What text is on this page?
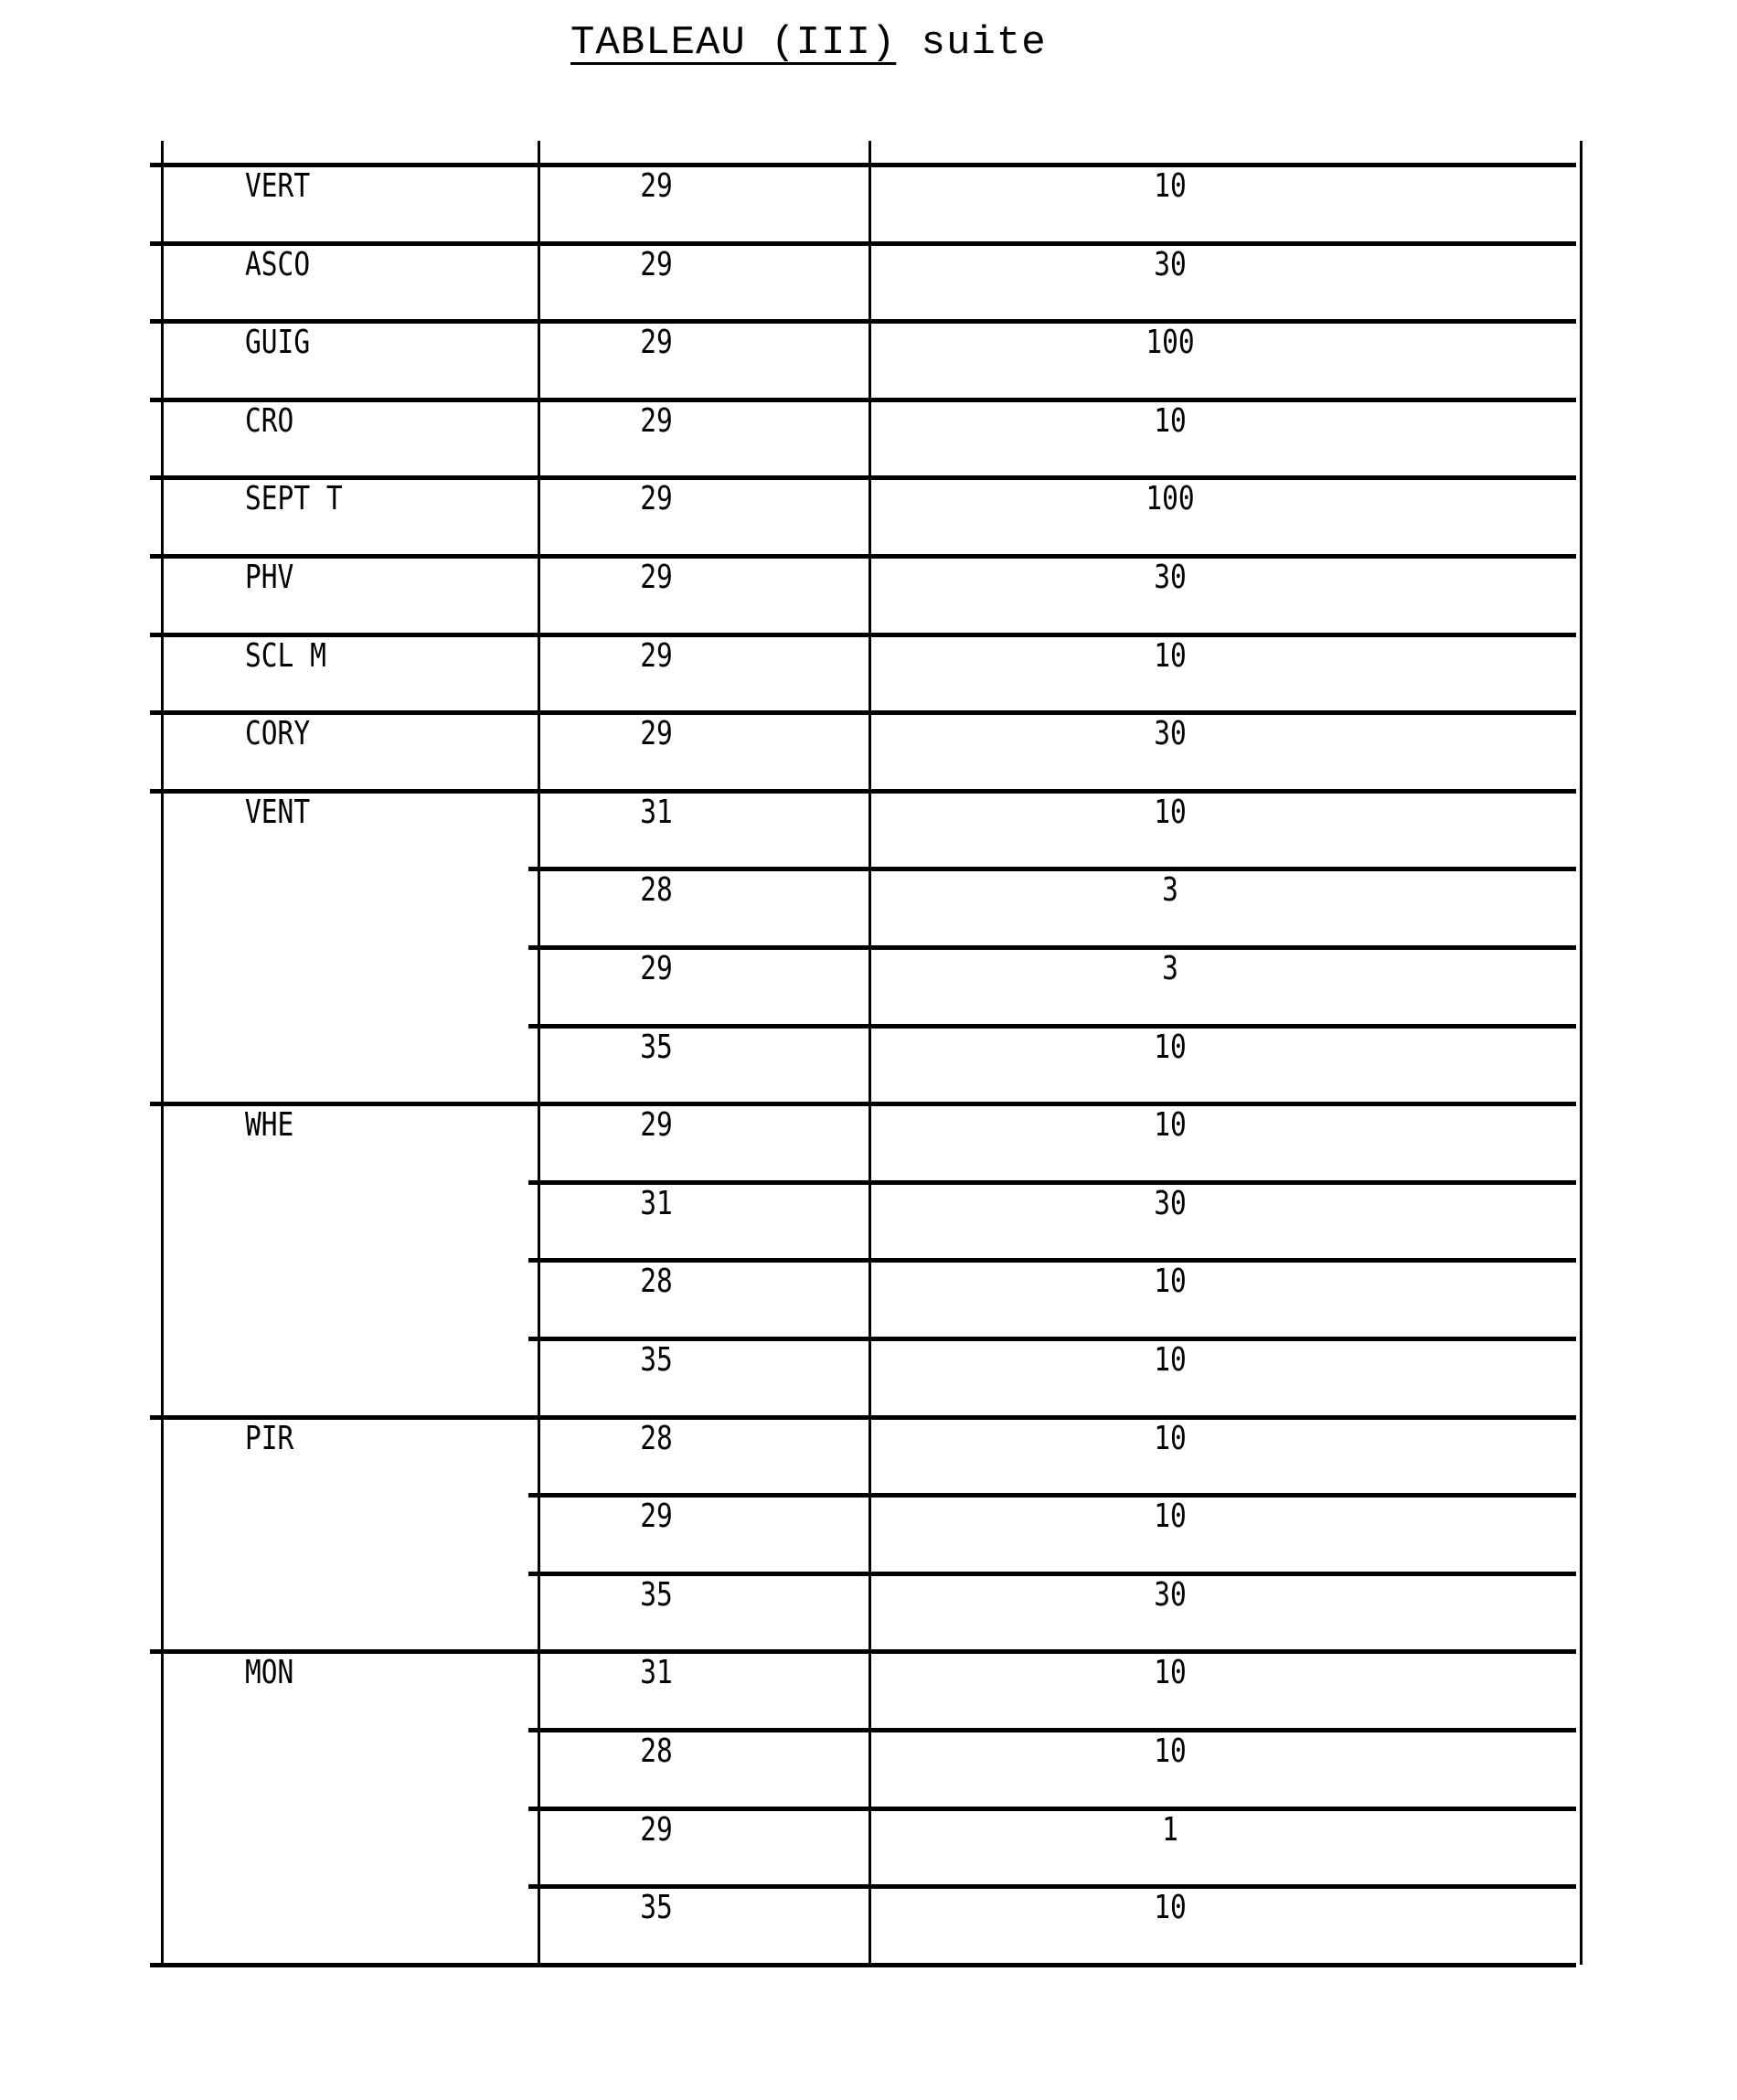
TABLEAU (III) suite
VERT	29	10
ASCO	29	30
GUIG	29	100
CRO	29	10
SEPT T	29	100
PHV	29	30
SCL M	29	10
CORY	29	30
VENT	31	10
28	3
29	3
35	10
WHE	29	10
31	30
28	10
35	10
PIR	28	10
29	10
35	30
MON	31	10
28	10
29	1
35	10
